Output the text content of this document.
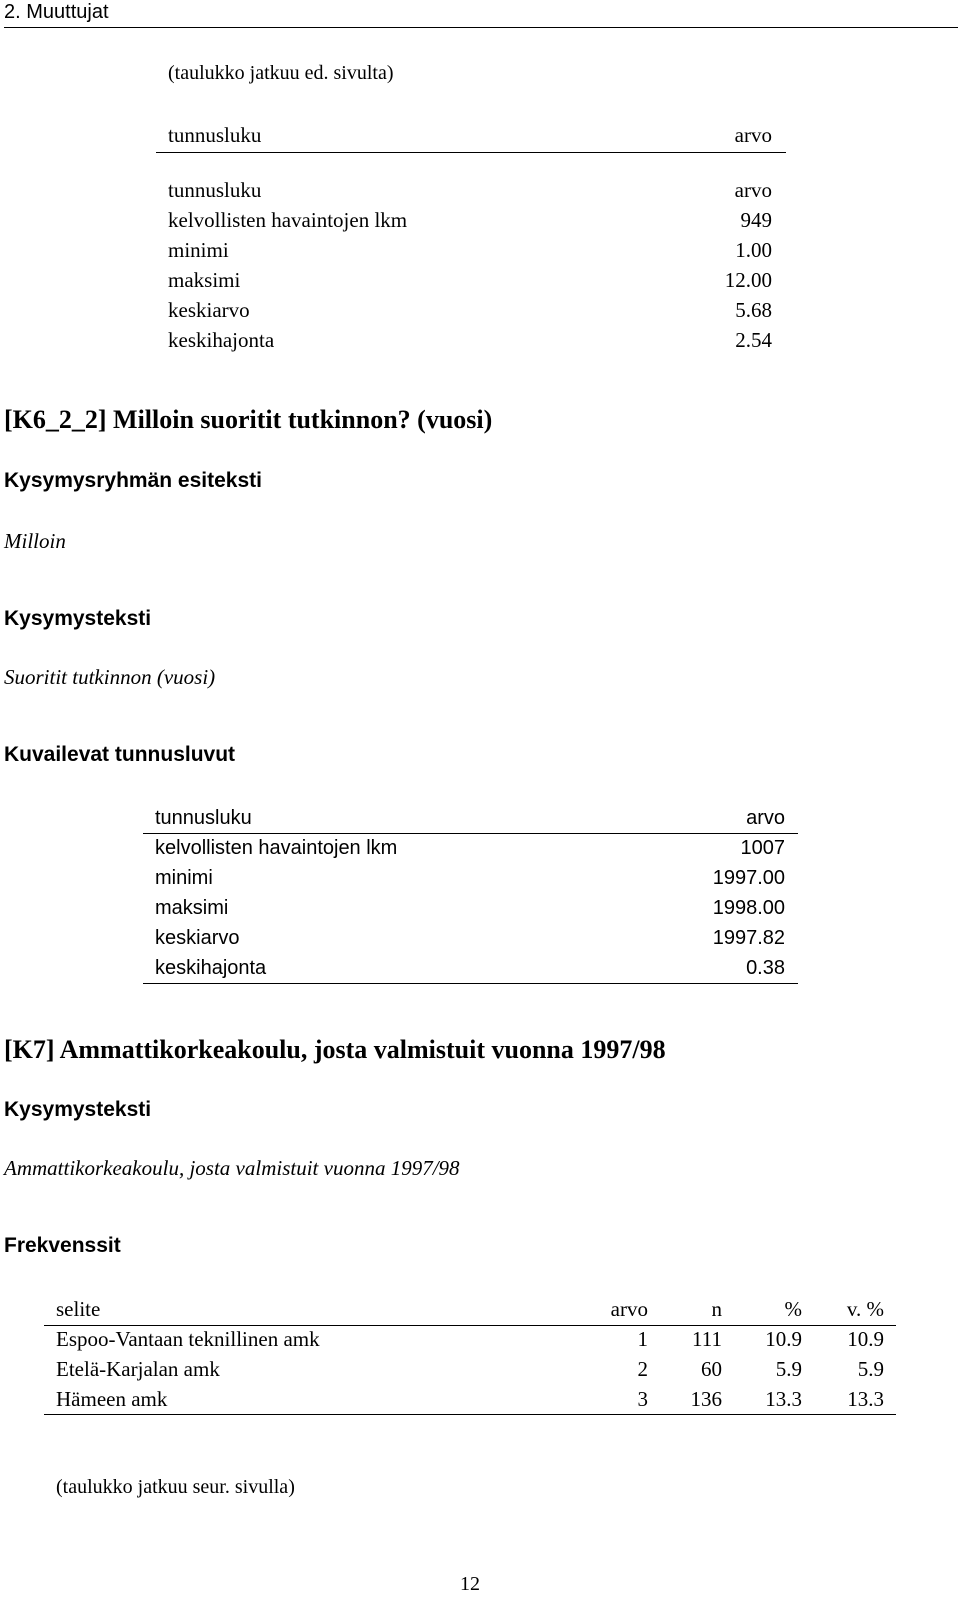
2. Muuttujat
(taulukko jatkuu ed. sivulta)
tunnusluku	arvo
tunnusluku	arvo
kelvollisten havaintojen lkm	949
minimi	1.00
maksimi	12.00
keskiarvo	5.68
keskihajonta	2.54
[K6_2_2] Milloin suoritit tutkinnon? (vuosi)
Kysymysryhmän esiteksti
Milloin
Kysymysteksti
Suoritit tutkinnon (vuosi)
Kuvailevat tunnusluvut
tunnusluku	arvo
kelvollisten havaintojen lkm	1007
minimi	1997.00
maksimi	1998.00
keskiarvo	1997.82
keskihajonta	0.38
[K7] Ammattikorkeakoulu, josta valmistuit vuonna 1997/98
Kysymysteksti
Ammattikorkeakoulu, josta valmistuit vuonna 1997/98
Frekvenssit
selite	arvo	n	%	v. %
Espoo-Vantaan teknillinen amk	1	111	10.9	10.9
Etelä-Karjalan amk	2	60	5.9	5.9
Hämeen amk	3	136	13.3	13.3
(taulukko jatkuu seur. sivulla)
12
